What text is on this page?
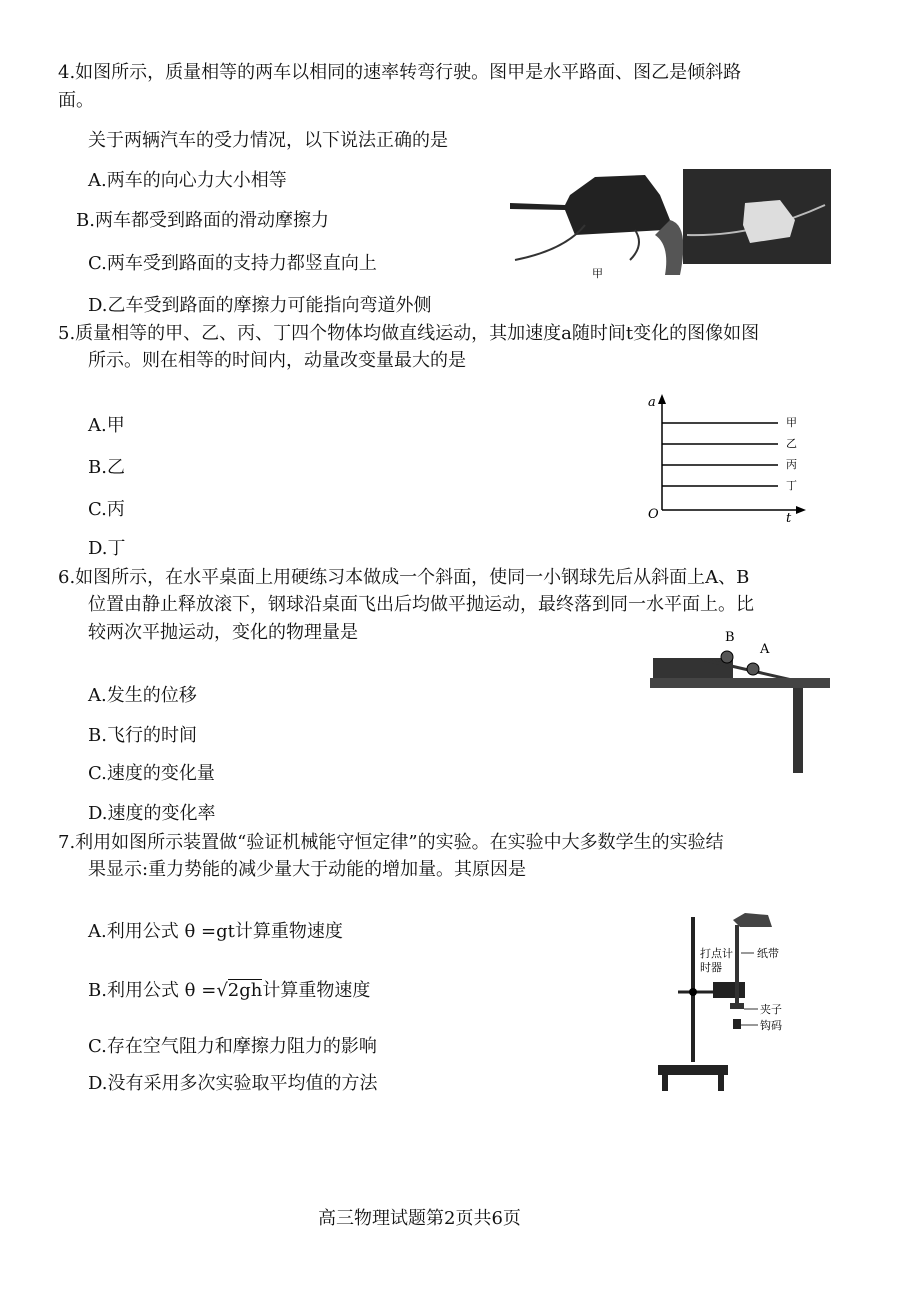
4.如图所示，质量相等的两车以相同的速率转弯行驶。图甲是水平路面、图乙是倾斜路
面。
关于两辆汽车的受力情况，以下说法正确的是
A.两车的向心力大小相等
B.两车都受到路面的滑动摩擦力
C.两车受到路面的支持力都竖直向上
D.乙车受到路面的摩擦力可能指向弯道外侧
甲
5.质量相等的甲、乙、丙、丁四个物体均做直线运动，其加速度a随时间t变化的图像如图
所示。则在相等的时间内，动量改变量最大的是
A.甲
B.乙
C.丙
D.丁
a
t
O
甲
乙
丙
丁
6.如图所示，在水平桌面上用硬练习本做成一个斜面，使同一小钢球先后从斜面上A、B
位置由静止释放滚下，钢球沿桌面飞出后均做平抛运动，最终落到同一水平面上。比
较两次平抛运动，变化的物理量是
A.发生的位移
B.飞行的时间
C.速度的变化量
D.速度的变化率
B
A
7.利用如图所示装置做“验证机械能守恒定律”的实验。在实验中大多数学生的实验结
果显示:重力势能的减少量大于动能的增加量。其原因是
A.利用公式 θ =gt计算重物速度
B.利用公式 θ =√2gh计算重物速度
C.存在空气阻力和摩擦力阻力的影响
D.没有采用多次实验取平均值的方法
打点计
时器
纸带
夹子
钩码
高三物理试题第2页共6页
